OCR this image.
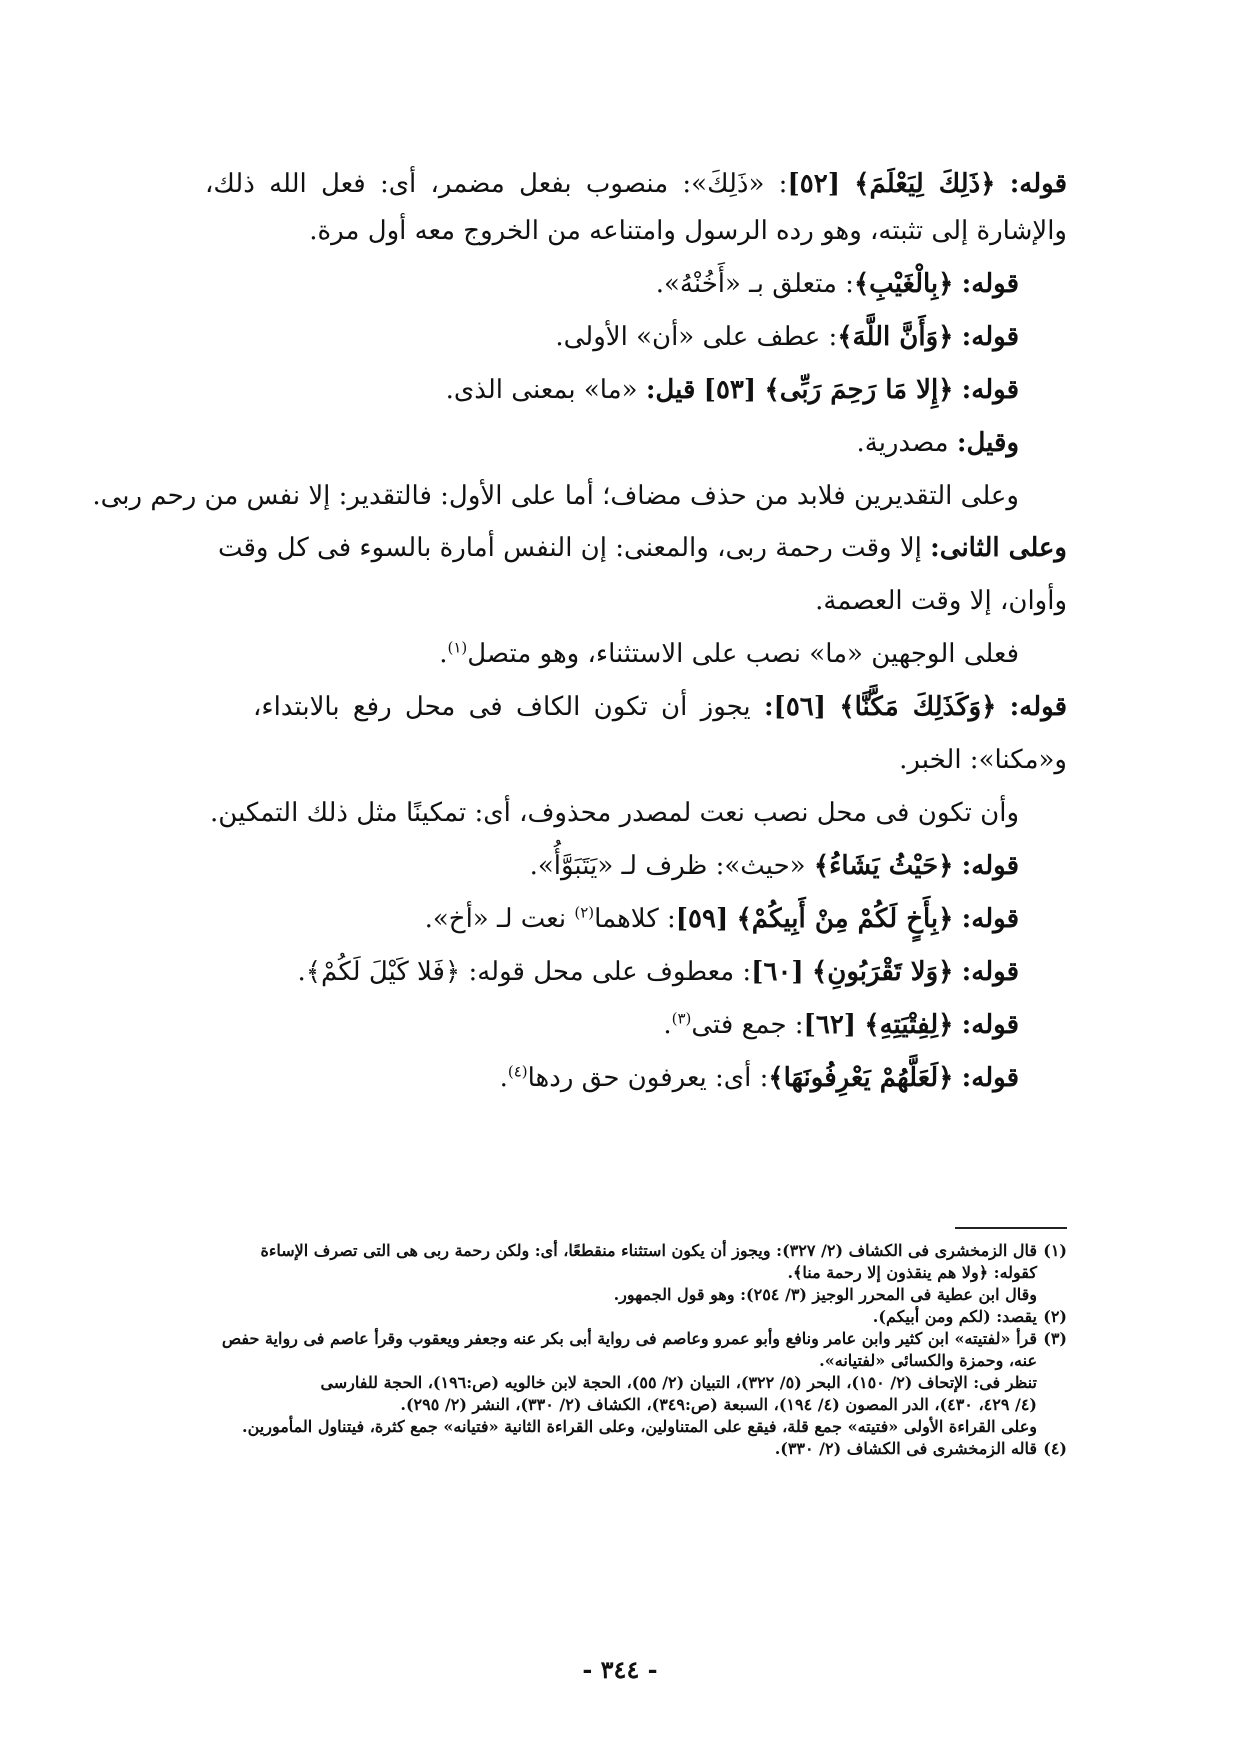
قوله: ﴿ذَلِكَ لِيَعْلَمَ﴾ [٥٢]: «ذَلِكَ»: منصوب بفعل مضمر، أى: فعل الله ذلك،

والإشارة إلى تثبته، وهو رده الرسول وامتناعه من الخروج معه أول مرة.

قوله: ﴿بِالْغَيْبِ﴾: متعلق بـ «أَخُنْهُ».

قوله: ﴿وَأَنَّ اللَّهَ﴾: عطف على «أن» الأولى.

قوله: ﴿إِلا مَا رَحِمَ رَبِّى﴾ [٥٣] قيل: «ما» بمعنى الذى.

وقيل: مصدرية.

وعلى التقديرين فلابد من حذف مضاف؛ أما على الأول: فالتقدير: إلا نفس من رحم ربى.

وعلى الثانى: إلا وقت رحمة ربى، والمعنى: إن النفس أمارة بالسوء فى كل وقت

وأوان، إلا وقت العصمة.

فعلى الوجهين «ما» نصب على الاستثناء، وهو متصل$^{(١)}$.

قوله: ﴿وَكَذَلِكَ مَكَّنَّا﴾ [٥٦]: يجوز أن تكون الكاف فى محل رفع بالابتداء،

و«مكنا»: الخبر.

وأن تكون فى محل نصب نعت لمصدر محذوف، أى: تمكينًا مثل ذلك التمكين.

قوله: ﴿حَيْثُ يَشَاءُ﴾ «حيث»: ظرف لـ «يَتَبَوَّأُ».

قوله: ﴿بِأَخٍ لَكُمْ مِنْ أَبِيكُمْ﴾ [٥٩]: كلاهما$^{(٢)}$ نعت لـ «أخ».

قوله: ﴿وَلا تَقْرَبُونِ﴾ [٦٠]: معطوف على محل قوله: ﴿فَلا كَيْلَ لَكُمْ﴾.

قوله: ﴿لِفِتْيَتِهِ﴾ [٦٢]: جمع فتى$^{(٣)}$.

قوله: ﴿لَعَلَّهُمْ يَعْرِفُونَهَا﴾: أى: يعرفون حق ردها$^{(٤)}$.

(١)قال الزمخشرى فى الكشاف (٢/ ٣٢٧): ويجوز أن يكون استثناء منقطعًا، أى: ولكن رحمة ربى هى التى تصرف الإساءة

كقوله: ﴿ولا هم ينقذون إلا رحمة منا﴾.

وقال ابن عطية فى المحرر الوجيز (٣/ ٢٥٤): وهو قول الجمهور.

(٢)يقصد: (لكم ومن أبيكم).

(٣)قرأ «لفتيته» ابن كثير وابن عامر ونافع وأبو عمرو وعاصم فى رواية أبى بكر عنه وجعفر ويعقوب وقرأ عاصم فى رواية حفص

عنه، وحمزة والكسائى «لفتيانه».

تنظر فى: الإتحاف (٢/ ١٥٠)، البحر (٥/ ٣٢٢)، التبيان (٢/ ٥٥)، الحجة لابن خالويه (ص:١٩٦)، الحجة للفارسى

(٤/ ٤٢٩، ٤٣٠)، الدر المصون (٤/ ١٩٤)، السبعة (ص:٣٤٩)، الكشاف (٢/ ٣٣٠)، النشر (٢/ ٢٩٥).

وعلى القراءة الأولى «فتيته» جمع قلة، فيقع على المتناولين، وعلى القراءة الثانية «فتيانه» جمع كثرة، فيتناول المأمورين.

(٤)قاله الزمخشرى فى الكشاف (٢/ ٣٣٠).

- ٣٤٤ -
